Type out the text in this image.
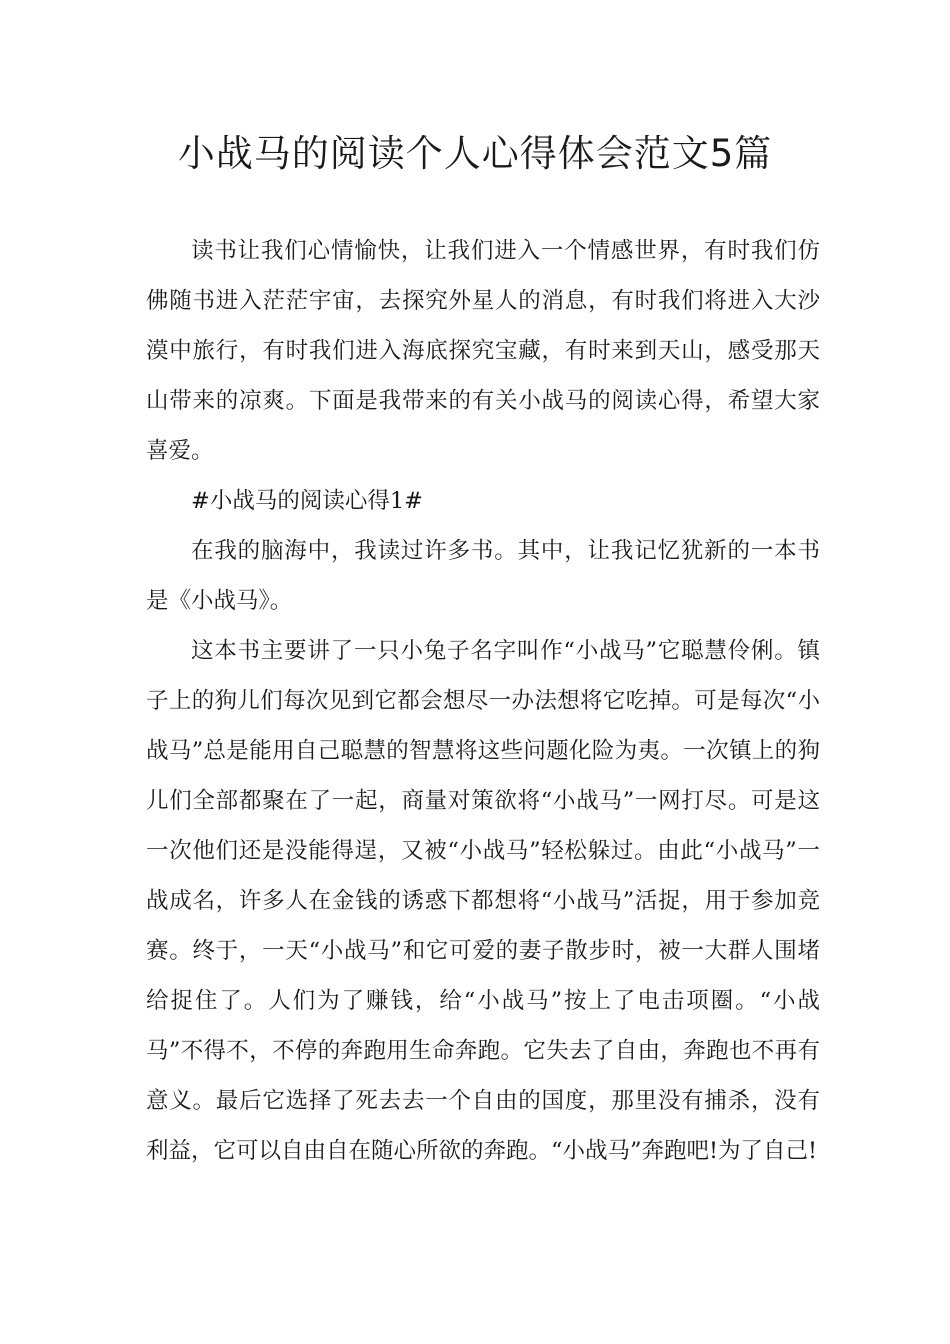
小战马的阅读个人心得体会范文5篇

读书让我们心情愉快，让我们进入一个情感世界，有时我们仿佛随书进入茫茫宇宙，去探究外星人的消息，有时我们将进入大沙漠中旅行，有时我们进入海底探究宝藏，有时来到天山，感受那天山带来的凉爽。下面是我带来的有关小战马的阅读心得，希望大家喜爱。

#小战马的阅读心得1#

在我的脑海中，我读过许多书。其中，让我记忆犹新的一本书是《小战马》。

这本书主要讲了一只小兔子名字叫作“小战马”它聪慧伶俐。镇子上的狗儿们每次见到它都会想尽一办法想将它吃掉。可是每次“小战马”总是能用自己聪慧的智慧将这些问题化险为夷。一次镇上的狗儿们全部都聚在了一起，商量对策欲将“小战马”一网打尽。可是这一次他们还是没能得逞，又被“小战马”轻松躲过。由此“小战马”一战成名，许多人在金钱的诱惑下都想将“小战马”活捉，用于参加竞赛。终于，一天“小战马”和它可爱的妻子散步时，被一大群人围堵给捉住了。人们为了赚钱，给“小战马”按上了电击项圈。“小战马”不得不，不停的奔跑用生命奔跑。它失去了自由，奔跑也不再有意义。最后它选择了死去去一个自由的国度，那里没有捕杀，没有利益，它可以自由自在随心所欲的奔跑。“小战马”奔跑吧!为了自己!
